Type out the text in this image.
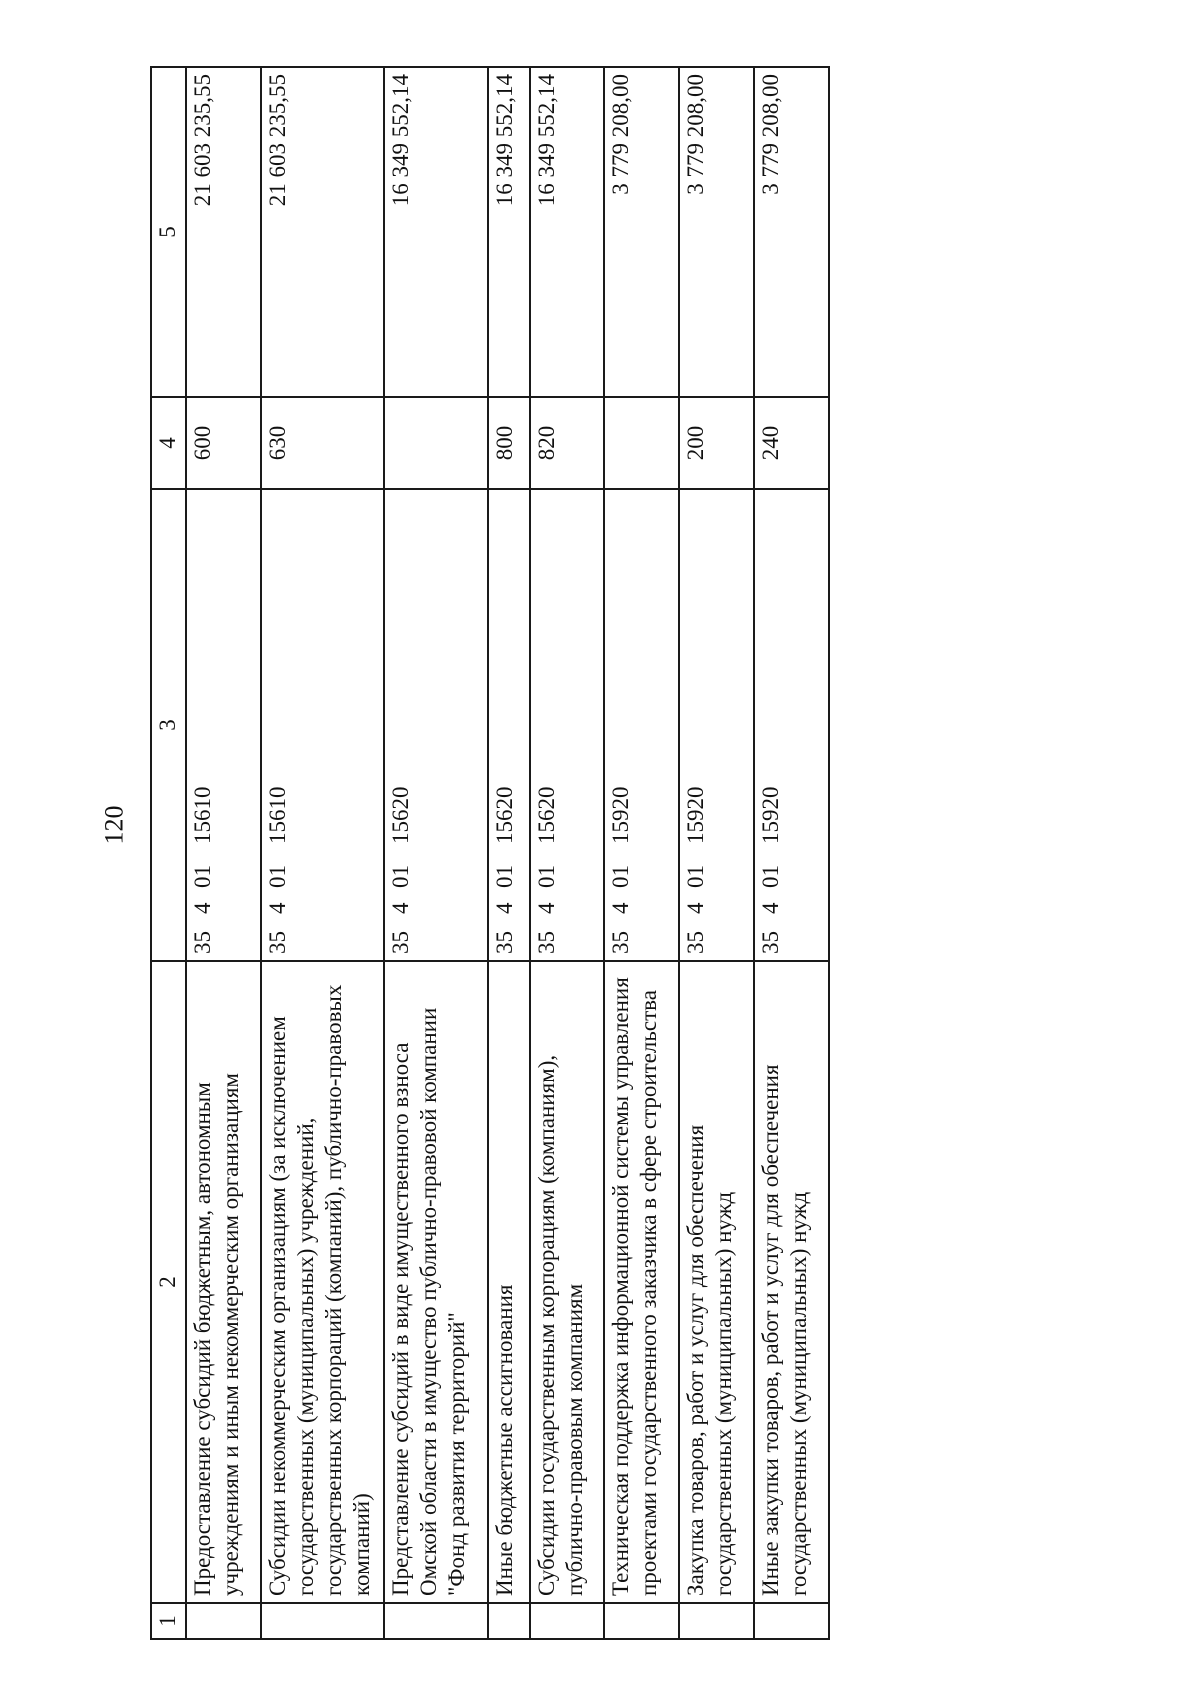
120
1	2	3	4	5
	Предоставление субсидий бюджетным, автономным учреждениям и иным некоммерческим организациям	3540115610	600	21 603 235,55
	Субсидии некоммерческим организациям (за исключением государственных (муниципальных) учреждений, государственных корпораций (компаний), публично-правовых компаний)	3540115610	630	21 603 235,55
	Представление субсидий в виде имущественного взноса Омской области в имущество публично-правовой компании "Фонд развития территорий"	3540115620		16 349 552,14
	Иные бюджетные ассигнования	3540115620	800	16 349 552,14
	Субсидии государственным корпорациям (компаниям), публично-правовым компаниям	3540115620	820	16 349 552,14
	Техническая поддержка информационной системы управления проектами государственного заказчика в сфере строительства	3540115920		3 779 208,00
	Закупка товаров, работ и услуг для обеспечения государственных (муниципальных) нужд	3540115920	200	3 779 208,00
	Иные закупки товаров, работ и услуг для обеспечения государственных (муниципальных) нужд	3540115920	240	3 779 208,00
